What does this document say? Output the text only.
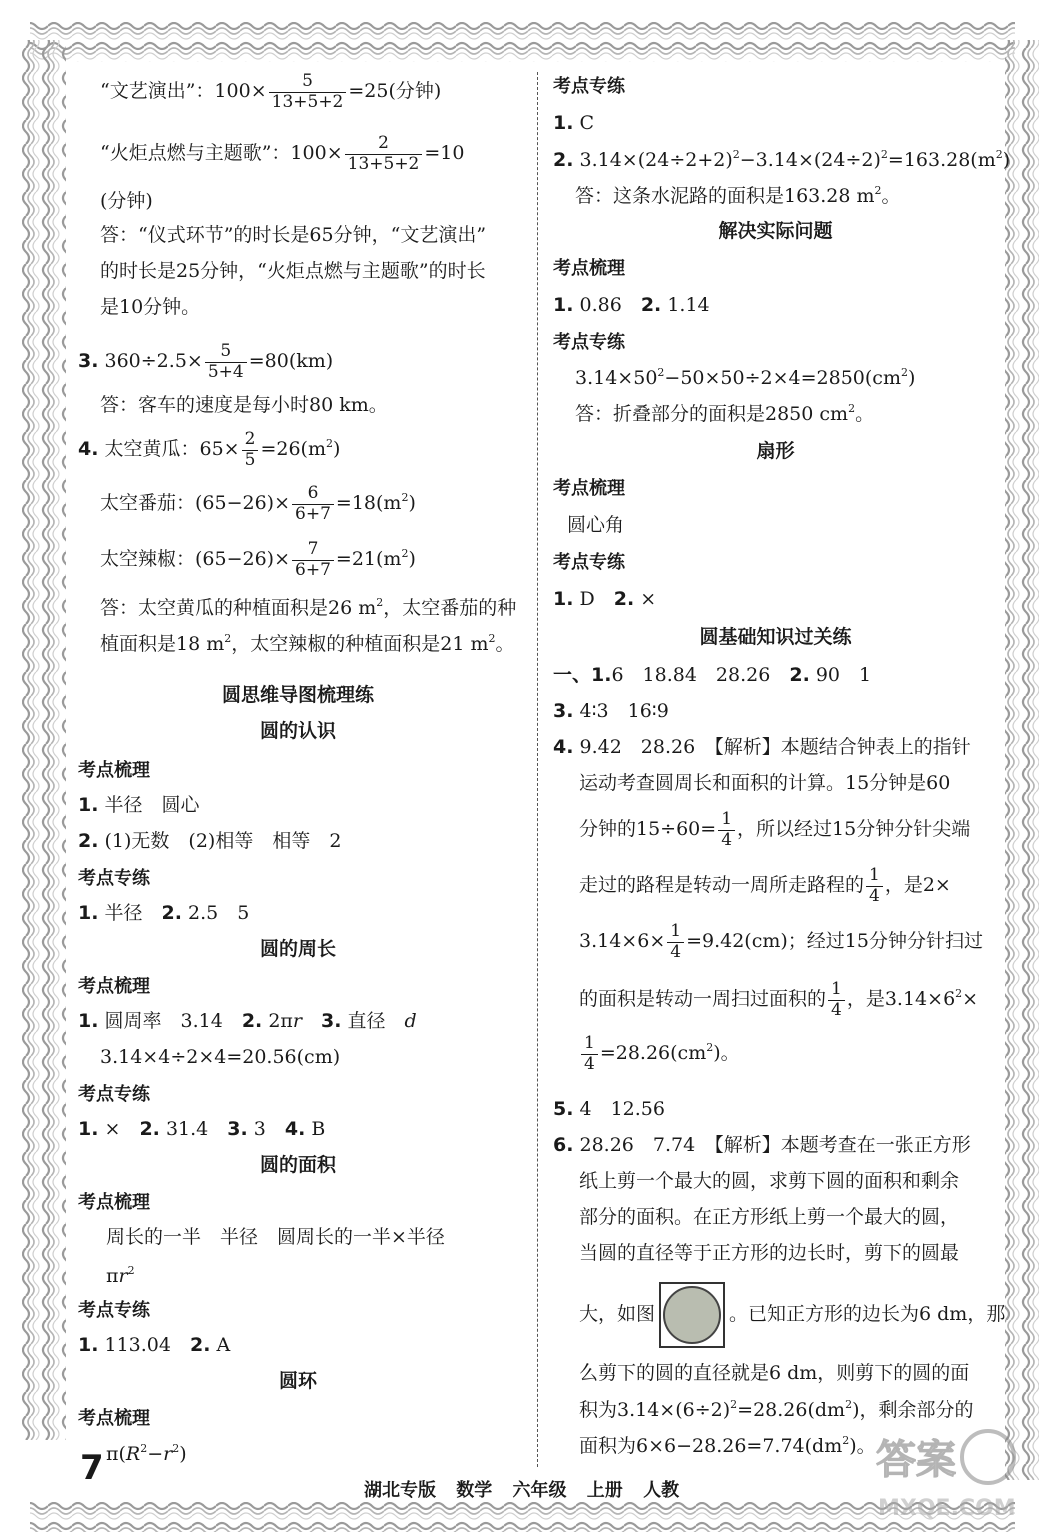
“文艺演出”：$100\times \frac{5}{13+5+2} =25$(分钟)
“火炬点燃与主题歌”：$100\times \frac{2}{13+5+2} =10$
(分钟)
答：“仪式环节”的时长是65分钟，“文艺演出”
的时长是25分钟，“火炬点燃与主题歌”的时长
是10分钟。
3. $360\div 2.5\times \frac{5}{5+4} =80(km)$
答：客车的速度是每小时80 km。
4. 太空黄瓜：$65\times \frac{2}{5} =26(m^2)$
太空番茄：$(65-26)\times \frac{6}{6+7} =18(m^2)$
太空辣椒：$(65-26)\times \frac{7}{6+7} =21(m^2)$
答：太空黄瓜的种植面积是26 $m^2$，太空番茄的种
植面积是18 $m^2$，太空辣椒的种植面积是21 $m^2$。
圆思维导图梳理练
圆的认识
考点梳理
1. 半径　圆心
2. (1)无数　(2)相等　相等　2
考点专练
1. 半径　 2. 2.5　5
圆的周长
考点梳理
1. 圆周率　3.14　 2. 2πr　 3. 直径　 d
3.14×4÷2×4=20.56(cm)
考点专练
1. ×　 2. 31.4　 3. 3　 4. B
圆的面积
考点梳理
周长的一半　半径　圆周长的一半×半径
$\pi r^2$
考点专练
1. 113.04　 2. A
圆环
考点梳理
$\pi(R^2-r^2)$
考点专练
1. C
2. $3.14\times(24\div 2+2)^2-3.14\times(24\div 2)^2=163.28(m^2)$
答：这条水泥路的面积是163.28 $m^2$。
解决实际问题
考点梳理
1. 0.86　 2. 1.14
考点专练
$3.14\times 50^2-50\times 50\div 2\times 4=2850(cm^2)$
答：折叠部分的面积是2850 $cm^2$。
扇形
考点梳理
圆心角
考点专练
1. D　 2. ×
圆基础知识过关练
一、1.6　18.84　28.26　 2. 90　1
3. 4∶3　16∶9
4. 9.42　28.26　【解析】本题结合钟表上的指针
运动考查圆周长和面积的计算。15分钟是60
分钟的$15\div 60= \frac{1}{4}$ ，所以经过15分钟分针尖端
走过的路程是转动一周所走路程的 $\frac{1}{4}$ ，是2×
$3.14\times 6\times \frac{1}{4} =9.42(cm)$；经过15分钟分针扫过
的面积是转动一周扫过面积的 $\frac{1}{4}$ ，是$3.14\times 6^2\times$
$\frac{1}{4} =28.26(cm^2)$。
5. 4　12.56
6. 28.26　7.74　【解析】本题考查在一张正方形
纸上剪一个最大的圆，求剪下圆的面积和剩余
部分的面积。在正方形纸上剪一个最大的圆，
当圆的直径等于正方形的边长时，剪下的圆最
大，如图	。已知正方形的边长为6 dm，那
么剪下的圆的直径就是6 dm，则剪下的圆的面
积为$3.14\times(6\div 2)^2=28.26(dm^2)$，剩余部分的
面积为$6\times 6-28.26=7.74(dm^2)$。
7
湖北专版 数学 六年级 上册 人教
答案
MXQE.COM
